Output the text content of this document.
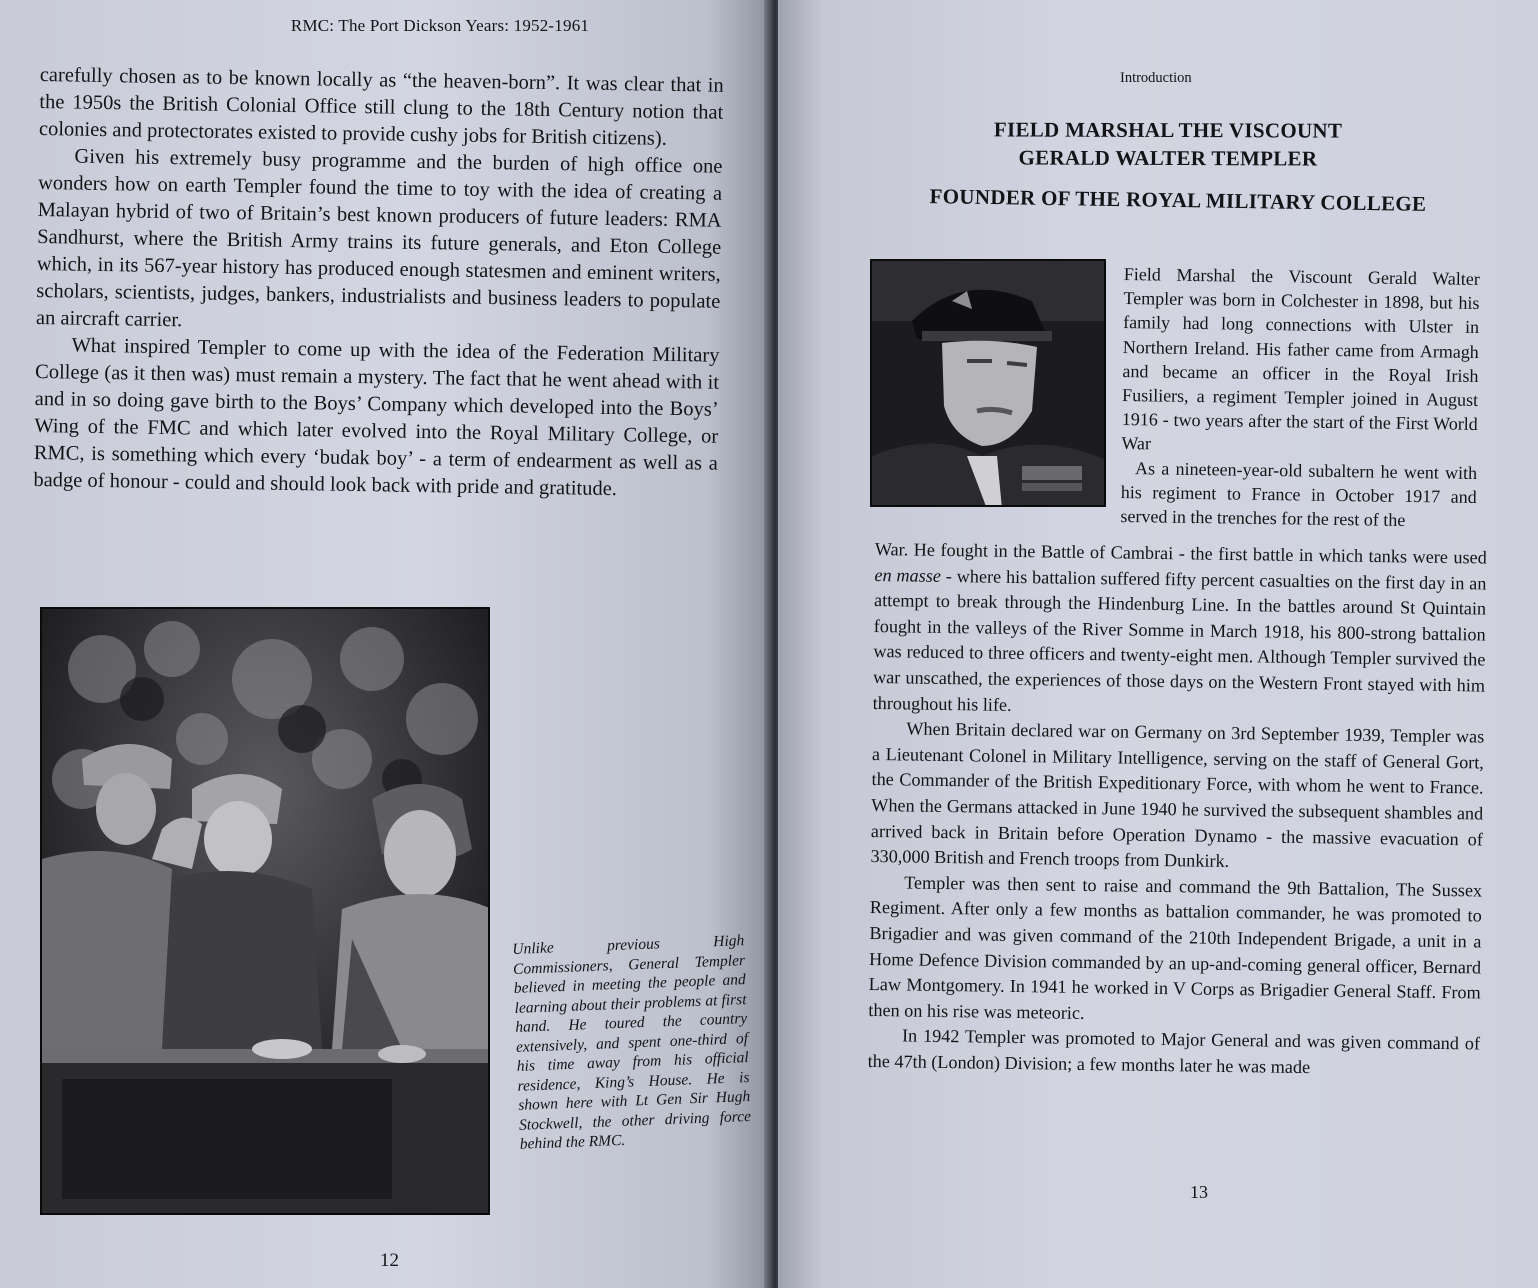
RMC: The Port Dickson Years: 1952-1961

carefully chosen as to be known locally as “the heaven-born”. It was clear that in the 1950s the British Colonial Office still clung to the 18th Century notion that colonies and protectorates existed to provide cushy jobs for British citizens).

Given his extremely busy programme and the burden of high office one wonders how on earth Templer found the time to toy with the idea of creating a Malayan hybrid of two of Britain’s best known producers of future leaders: RMA Sandhurst, where the British Army trains its future generals, and Eton College which, in its 567-year history has produced enough statesmen and eminent writers, scholars, scientists, judges, bankers, industrialists and business leaders to populate an aircraft carrier.

What inspired Templer to come up with the idea of the Federation Military College (as it then was) must remain a mystery. The fact that he went ahead with it and in so doing gave birth to the Boys’ Company which developed into the Boys’ Wing of the FMC and which later evolved into the Royal Military College, or RMC, is something which every ‘budak boy’ - a term of endearment as well as a badge of honour - could and should look back with pride and gratitude.

Unlike previous High Commissioners, General Templer believed in meeting the people and learning about their problems at first hand. He toured the country extensively, and spent one-third of his time away from his official residence, King’s House. He is shown here with Lt Gen Sir Hugh Stockwell, the other driving force behind the RMC.
12
Introduction
FIELD MARSHAL THE VISCOUNT
GERALD WALTER TEMPLER
FOUNDER OF THE ROYAL MILITARY COLLEGE

Field Marshal the Viscount Gerald Walter Templer was born in Colchester in 1898, but his family had long connections with Ulster in Northern Ireland. His father came from Armagh and became an officer in the Royal Irish Fusiliers, a regiment Templer joined in August 1916 - two years after the start of the First World War

As a nineteen-year-old subaltern he went with his regiment to France in October 1917 and served in the trenches for the rest of the

War. He fought in the Battle of Cambrai - the first battle in which tanks were used en masse - where his battalion suffered fifty percent casualties on the first day in an attempt to break through the Hindenburg Line. In the battles around St Quintain fought in the valleys of the River Somme in March 1918, his 800-strong battalion was reduced to three officers and twenty-eight men. Although Templer survived the war unscathed, the experiences of those days on the Western Front stayed with him throughout his life.

When Britain declared war on Germany on 3rd September 1939, Templer was a Lieutenant Colonel in Military Intelligence, serving on the staff of General Gort, the Commander of the British Expeditionary Force, with whom he went to France. When the Germans attacked in June 1940 he survived the subsequent shambles and arrived back in Britain before Operation Dynamo - the massive evacuation of 330,000 British and French troops from Dunkirk.

Templer was then sent to raise and command the 9th Battalion, The Sussex Regiment. After only a few months as battalion commander, he was promoted to Brigadier and was given command of the 210th Independent Brigade, a unit in a Home Defence Division commanded by an up-and-coming general officer, Bernard Law Montgomery. In 1941 he worked in V Corps as Brigadier General Staff. From then on his rise was meteoric.

In 1942 Templer was promoted to Major General and was given command of the 47th (London) Division; a few months later he was made

13
